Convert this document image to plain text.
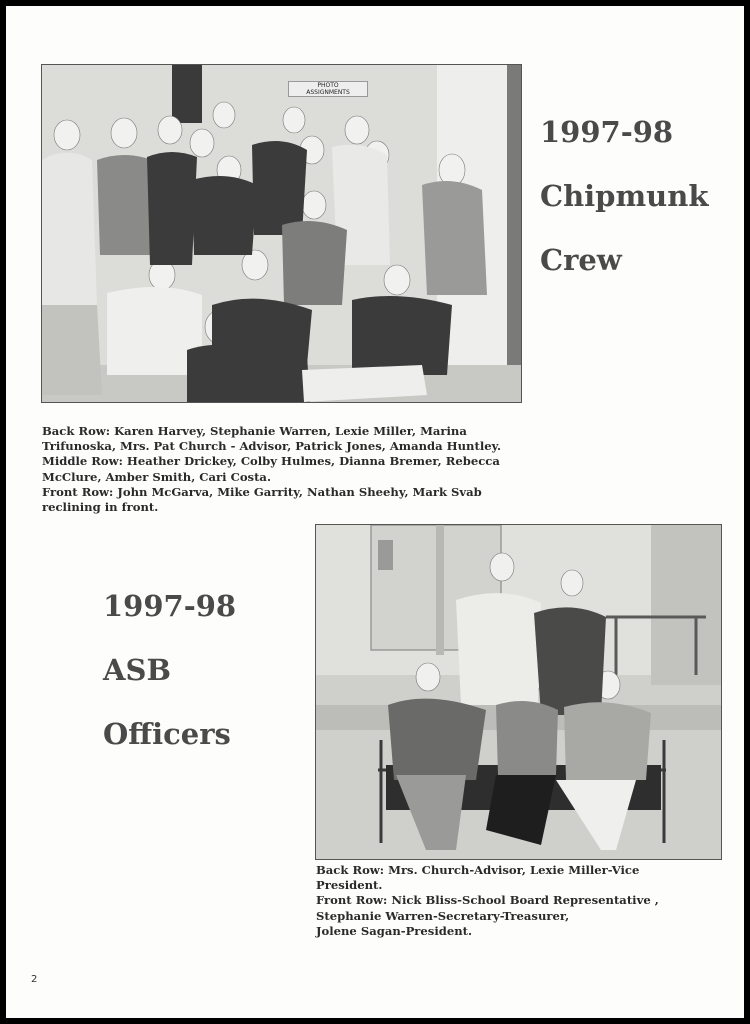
PHOTO
ASSIGNMENTS
1997-98
Chipmunk
Crew

Back Row: Karen Harvey, Stephanie Warren, Lexie Miller, Marina

Trifunoska, Mrs. Pat Church - Advisor, Patrick Jones, Amanda Huntley.

Middle Row: Heather Drickey, Colby Hulmes, Dianna Bremer, Rebecca

McClure, Amber Smith, Cari Costa.

Front Row: John McGarva, Mike Garrity, Nathan Sheehy, Mark Svab

reclining in front.

1997-98
ASB
Officers

Back Row: Mrs. Church-Advisor, Lexie Miller-Vice

President.

Front Row: Nick Bliss-School Board Representative ,

Stephanie Warren-Secretary-Treasurer,

Jolene Sagan-President.

2
